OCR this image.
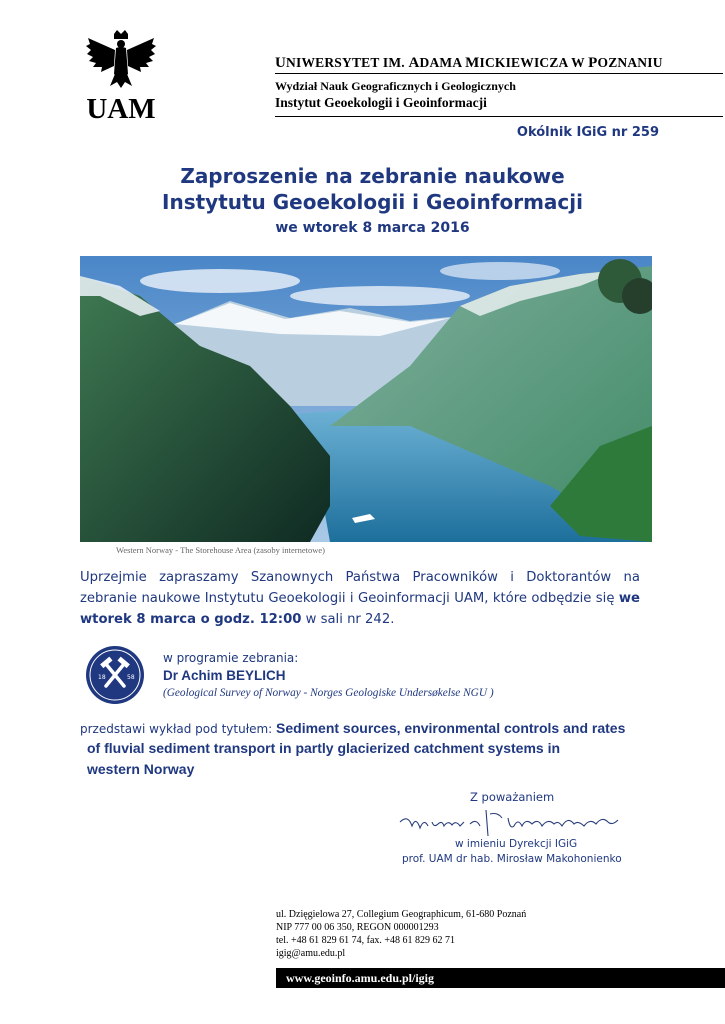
UAM
UNIWERSYTET IM. ADAMA MICKIEWICZA W POZNANIU
Wydział Nauk Geograficznych i Geologicznych
Instytut Geoekologii i Geoinformacji
Okólnik IGiG nr 259
Zaproszenie na zebranie naukowe
Instytutu Geoekologii i Geoinformacji
we wtorek 8 marca 2016
Western Norway - The Storehouse Area (zasoby internetowe)
Uprzejmie zapraszamy Szanownych Państwa Pracowników i Doktorantów na zebranie naukowe Instytutu Geoekologii i Geoinformacji UAM, które odbędzie się we wtorek 8 marca o godz. 12:00 w sali nr 242.
18	58
w programie zebrania:
Dr Achim BEYLICH
(Geological Survey of Norway - Norges Geologiske Undersøkelse NGU )
przedstawi wykład pod tytułem: Sediment sources, environmental controls and rates
of fluvial sediment transport in partly glacierized catchment systems in
western Norway
Z poważaniem
w imieniu Dyrekcji IGiG
prof. UAM dr hab. Mirosław Makohonienko
ul. Dzięgielowa 27, Collegium Geographicum, 61-680 Poznań
NIP 777 00 06 350, REGON 000001293
tel. +48 61 829 61 74, fax. +48 61 829 62 71
igig@amu.edu.pl
www.geoinfo.amu.edu.pl/igig
